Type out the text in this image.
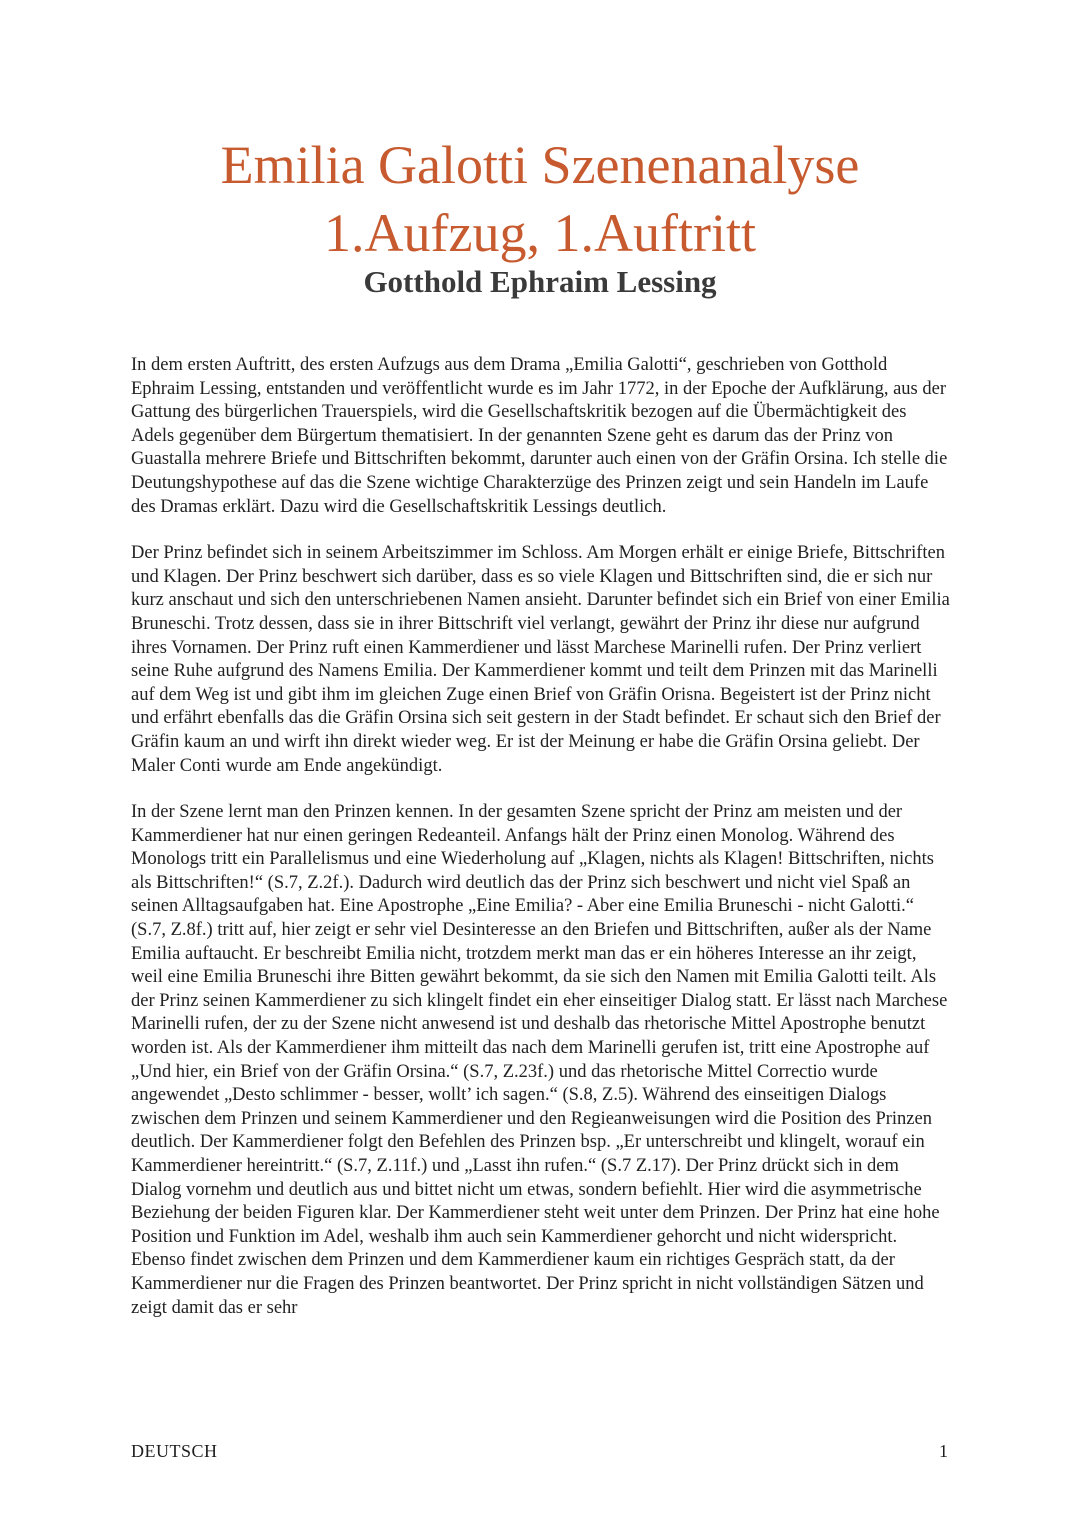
Emilia Galotti Szenenanalyse
1.Aufzug, 1.Auftritt
Gotthold Ephraim Lessing

In dem ersten Auftritt, des ersten Aufzugs aus dem Drama „Emilia Galotti“, geschrieben von Gotthold Ephraim Lessing, entstanden und veröffentlicht wurde es im Jahr 1772, in der Epoche der Aufklärung, aus der Gattung des bürgerlichen Trauerspiels, wird die Gesellschaftskritik bezogen auf die Übermächtigkeit des Adels gegenüber dem Bürgertum thematisiert. In der genannten Szene geht es darum das der Prinz von Guastalla mehrere Briefe und Bittschriften bekommt, darunter auch einen von der Gräfin Orsina. Ich stelle die Deutungshypothese auf das die Szene wichtige Charakterzüge des Prinzen zeigt und sein Handeln im Laufe des Dramas erklärt. Dazu wird die Gesellschaftskritik Lessings deutlich.

Der Prinz befindet sich in seinem Arbeitszimmer im Schloss. Am Morgen erhält er einige Briefe, Bittschriften und Klagen. Der Prinz beschwert sich darüber, dass es so viele Klagen und Bittschriften sind, die er sich nur kurz anschaut und sich den unterschriebenen Namen ansieht. Darunter befindet sich ein Brief von einer Emilia Bruneschi. Trotz dessen, dass sie in ihrer Bittschrift viel verlangt, gewährt der Prinz ihr diese nur aufgrund ihres Vornamen. Der Prinz ruft einen Kammerdiener und lässt Marchese Marinelli rufen. Der Prinz verliert seine Ruhe aufgrund des Namens Emilia. Der Kammerdiener kommt und teilt dem Prinzen mit das Marinelli auf dem Weg ist und gibt ihm im gleichen Zuge einen Brief von Gräfin Orisna. Begeistert ist der Prinz nicht und erfährt ebenfalls das die Gräfin Orsina sich seit gestern in der Stadt befindet. Er schaut sich den Brief der Gräfin kaum an und wirft ihn direkt wieder weg. Er ist der Meinung er habe die Gräfin Orsina geliebt. Der Maler Conti wurde am Ende angekündigt.

In der Szene lernt man den Prinzen kennen. In der gesamten Szene spricht der Prinz am meisten und der Kammerdiener hat nur einen geringen Redeanteil. Anfangs hält der Prinz einen Monolog. Während des Monologs tritt ein Parallelismus und eine Wiederholung auf „Klagen, nichts als Klagen! Bittschriften, nichts als Bittschriften!“ (S.7, Z.2f.). Dadurch wird deutlich das der Prinz sich beschwert und nicht viel Spaß an seinen Alltagsaufgaben hat. Eine Apostrophe „Eine Emilia? - Aber eine Emilia Bruneschi - nicht Galotti.“ (S.7, Z.8f.) tritt auf, hier zeigt er sehr viel Desinteresse an den Briefen und Bittschriften, außer als der Name Emilia auftaucht. Er beschreibt Emilia nicht, trotzdem merkt man das er ein höheres Interesse an ihr zeigt, weil eine Emilia Bruneschi ihre Bitten gewährt bekommt, da sie sich den Namen mit Emilia Galotti teilt. Als der Prinz seinen Kammerdiener zu sich klingelt findet ein eher einseitiger Dialog statt. Er lässt nach Marchese Marinelli rufen, der zu der Szene nicht anwesend ist und deshalb das rhetorische Mittel Apostrophe benutzt worden ist. Als der Kammerdiener ihm mitteilt das nach dem Marinelli gerufen ist, tritt eine Apostrophe auf „Und hier, ein Brief von der Gräfin Orsina.“ (S.7, Z.23f.) und das rhetorische Mittel Correctio wurde angewendet „Desto schlimmer - besser, wollt’ ich sagen.“ (S.8, Z.5). Während des einseitigen Dialogs zwischen dem Prinzen und seinem Kammerdiener und den Regieanweisungen wird die Position des Prinzen deutlich. Der Kammerdiener folgt den Befehlen des Prinzen bsp. „Er unterschreibt und klingelt, worauf ein Kammerdiener hereintritt.“ (S.7, Z.11f.) und „Lasst ihn rufen.“ (S.7 Z.17). Der Prinz drückt sich in dem Dialog vornehm und deutlich aus und bittet nicht um etwas, sondern befiehlt. Hier wird die asymmetrische Beziehung der beiden Figuren klar. Der Kammerdiener steht weit unter dem Prinzen. Der Prinz hat eine hohe Position und Funktion im Adel, weshalb ihm auch sein Kammerdiener gehorcht und nicht widerspricht. Ebenso findet zwischen dem Prinzen und dem Kammerdiener kaum ein richtiges Gespräch statt, da der Kammerdiener nur die Fragen des Prinzen beantwortet. Der Prinz spricht in nicht vollständigen Sätzen und zeigt damit das er sehr

DEUTSCH	1
